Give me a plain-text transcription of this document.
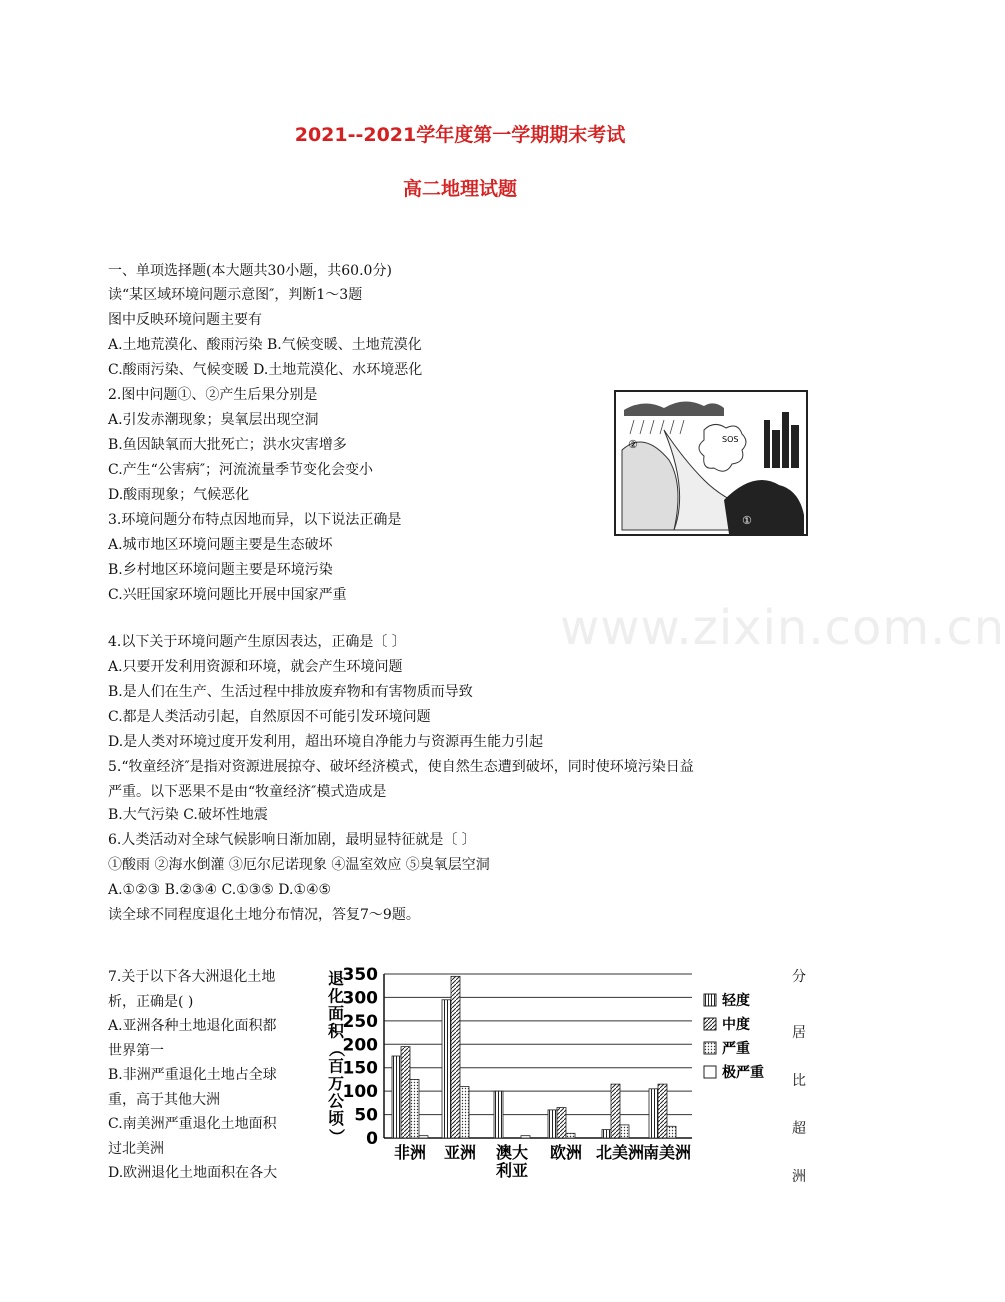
2021--2021学年度第一学期期末考试
高二地理试题
一、单项选择题(本大题共30小题，共60.0分)
读“某区域环境问题示意图″，判断1～3题
图中反映环境问题主要有
A.土地荒漠化、酸雨污染 B.气候变暖、土地荒漠化
C.酸雨污染、气候变暖 D.土地荒漠化、水环境恶化
2.图中问题①、②产生后果分别是
A.引发赤潮现象；臭氧层出现空洞
B.鱼因缺氧而大批死亡；洪水灾害增多
C.产生“公害病″；河流流量季节变化会变小
D.酸雨现象；气候恶化
3.环境问题分布特点因地而异，以下说法正确是
A.城市地区环境问题主要是生态破坏
B.乡村地区环境问题主要是环境污染
C.兴旺国家环境问题比开展中国家严重
4.以下关于环境问题产生原因表达，正确是〔 〕
A.只要开发利用资源和环境，就会产生环境问题
B.是人们在生产、生活过程中排放废弃物和有害物质而导致
C.都是人类活动引起，自然原因不可能引发环境问题
D.是人类对环境过度开发利用，超出环境自净能力与资源再生能力引起
5.“牧童经济″是指对资源进展掠夺、破坏经济模式，使自然生态遭到破坏，同时使环境污染日益
严重。以下恶果不是由“牧童经济″模式造成是
B.大气污染 C.破坏性地震
6.人类活动对全球气候影响日渐加剧，最明显特征就是〔 〕
①酸雨 ②海水倒灌 ③厄尔尼诺现象 ④温室效应 ⑤臭氧层空洞
A.①②③ B.②③④ C.①③⑤ D.①④⑤
读全球不同程度退化土地分布情况，答复7～9题。
SOS
①
②
www.zixin.com.cn
7.关于以下各大洲退化土地
析，正确是( )
A.亚洲各种土地退化面积都
世界第一
B.非洲严重退化土地占全球
重，高于其他大洲
C.南美洲严重退化土地面积
过北美洲
D.欧洲退化土地面积在各大
分
居
比
超
洲
0
50
100
150
200
250
300
350
退
化
面
积
（
百
万
公
顷
）
非洲 亚洲 澳大
利亚
欧洲 北美洲
南美洲
轻度
中度
严重
极严重
